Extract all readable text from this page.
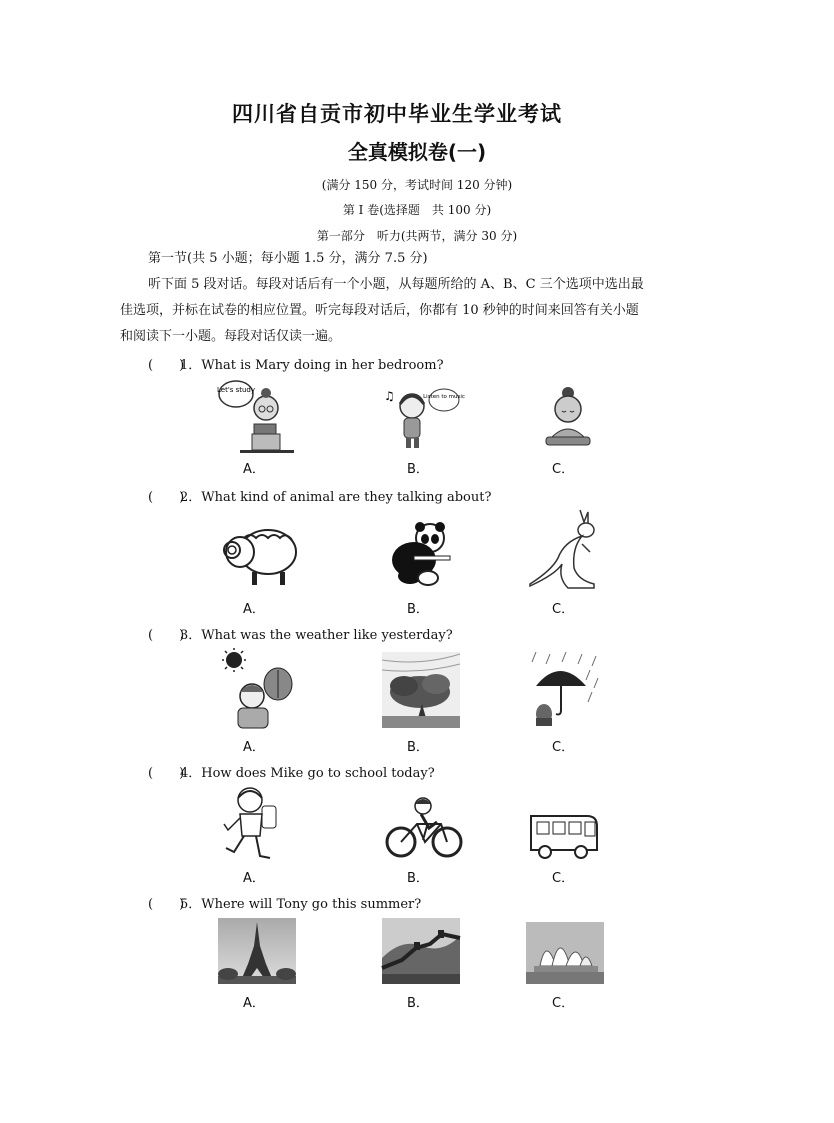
四川省自贡市初中毕业生学业考试
全真模拟卷(一)
(满分 150 分，考试时间 120 分钟)
第 Ⅰ 卷(选择题　共 100 分)
第一部分　听力(共两节，满分 30 分)
第一节(共 5 小题；每小题 1.5 分，满分 7.5 分)
听下面 5 段对话。每段对话后有一个小题，从每题所给的 A、B、C 三个选项中选出最
佳选项，并标在试卷的相应位置。听完每段对话后，你都有 10 秒钟的时间来回答有关小题
和阅读下一小题。每段对话仅读一遍。
(　　)1．What is Mary doing in her bedroom?
Let's study	♫	Listen to music
A．	B．	C．
(　　)2．What kind of animal are they talking about?
A．	B．	C．
(　　)3．What was the weather like yesterday?
A．	B．	C．
(　　)4．How does Mike go to school today?
A．	B．	C．
(　　)5．Where will Tony go this summer?
A．	B．	C．
